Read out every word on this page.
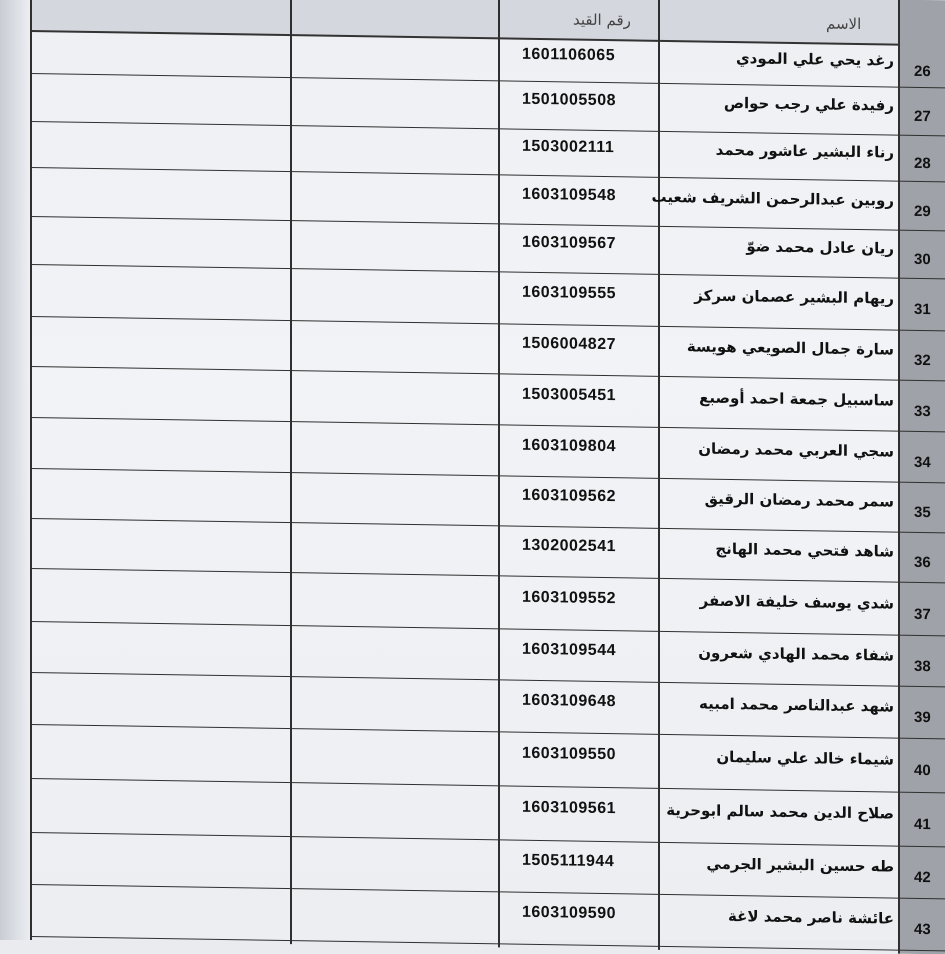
رقم القيد	الاسم
26
رغد يحي علي المودي
1601106065
27
رفيدة علي رجب حواص
1501005508
28
رناء البشير عاشور محمد
1503002111
29
روبين عبدالرحمن الشريف شعيب
1603109548
30
ريان عادل محمد ضوّ
1603109567
31
ريهام البشير عصمان سركز
1603109555
32
سارة جمال الصويعي هويسة
1506004827
33
ساسبيل جمعة احمد أوصبع
1503005451
34
سجي العربي محمد رمضان
1603109804
35
سمر محمد رمضان الرقيق
1603109562
36
شاهد فتحي محمد الهانج
1302002541
37
شدي يوسف خليفة الاصفر
1603109552
38
شفاء محمد الهادي شعرون
1603109544
39
شهد عبدالناصر محمد امبيه
1603109648
40
شيماء خالد علي سليمان
1603109550
41
صلاح الدين محمد سالم ابوحرية
1603109561
42
طه حسين البشير الجرمي
1505111944
43
عائشة ناصر محمد لاغة
1603109590
